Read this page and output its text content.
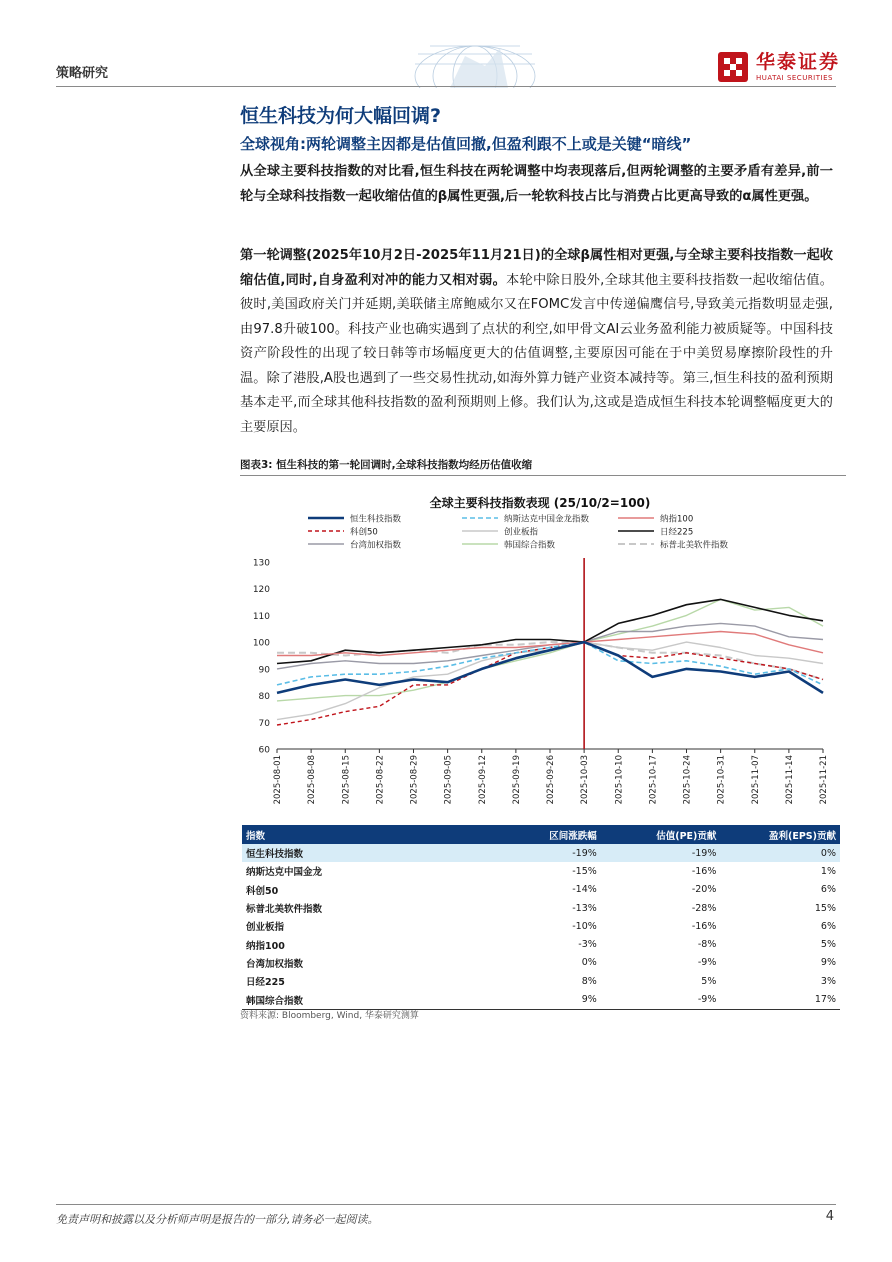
策略研究
华泰证券
HUATAI SECURITIES
恒生科技为何大幅回调?
全球视角:两轮调整主因都是估值回撤,但盈利跟不上或是关键“暗线”
从全球主要科技指数的对比看,恒生科技在两轮调整中均表现落后,但两轮调整的主要矛盾有差异,前一轮与全球科技指数一起收缩估值的β属性更强,后一轮软科技占比与消费占比更高导致的α属性更强。
第一轮调整(2025年10月2日-2025年11月21日)的全球β属性相对更强,与全球主要科技指数一起收缩估值,同时,自身盈利对冲的能力又相对弱。本轮中除日股外,全球其他主要科技指数一起收缩估值。彼时,美国政府关门并延期,美联储主席鲍威尔又在FOMC发言中传递偏鹰信号,导致美元指数明显走强,由97.8升破100。科技产业也确实遇到了点状的利空,如甲骨文AI云业务盈利能力被质疑等。中国科技资产阶段性的出现了较日韩等市场幅度更大的估值调整,主要原因可能在于中美贸易摩擦阶段性的升温。除了港股,A股也遇到了一些交易性扰动,如海外算力链产业资本减持等。第三,恒生科技的盈利预期基本走平,而全球其他科技指数的盈利预期则上修。我们认为,这或是造成恒生科技本轮调整幅度更大的主要原因。
图表3: 恒生科技的第一轮回调时,全球科技指数均经历估值收缩
全球主要科技指数表现 (25/10/2=100)
恒生科技指数	纳斯达克中国金龙指数	纳指100
科创50	创业板指	日经225
台湾加权指数	韩国综合指数	标普北美软件指数
60
70
80
90
100
110
120
130
2025-08-01	2025-08-08	2025-08-15	2025-08-22	2025-08-29	2025-09-05	2025-09-12	2025-09-19	2025-09-26	2025-10-03	2025-10-10	2025-10-17	2025-10-24	2025-10-31	2025-11-07	2025-11-14	2025-11-21
指数	区间涨跌幅	估值(PE)贡献	盈利(EPS)贡献
恒生科技指数	-19%	-19%	0%
纳斯达克中国金龙	-15%	-16%	1%
科创50	-14%	-20%	6%
标普北美软件指数	-13%	-28%	15%
创业板指	-10%	-16%	6%
纳指100	-3%	-8%	5%
台湾加权指数	0%	-9%	9%
日经225	8%	5%	3%
韩国综合指数	9%	-9%	17%
资料来源: Bloomberg, Wind, 华泰研究测算
免责声明和披露以及分析师声明是报告的一部分,请务必一起阅读。	4
